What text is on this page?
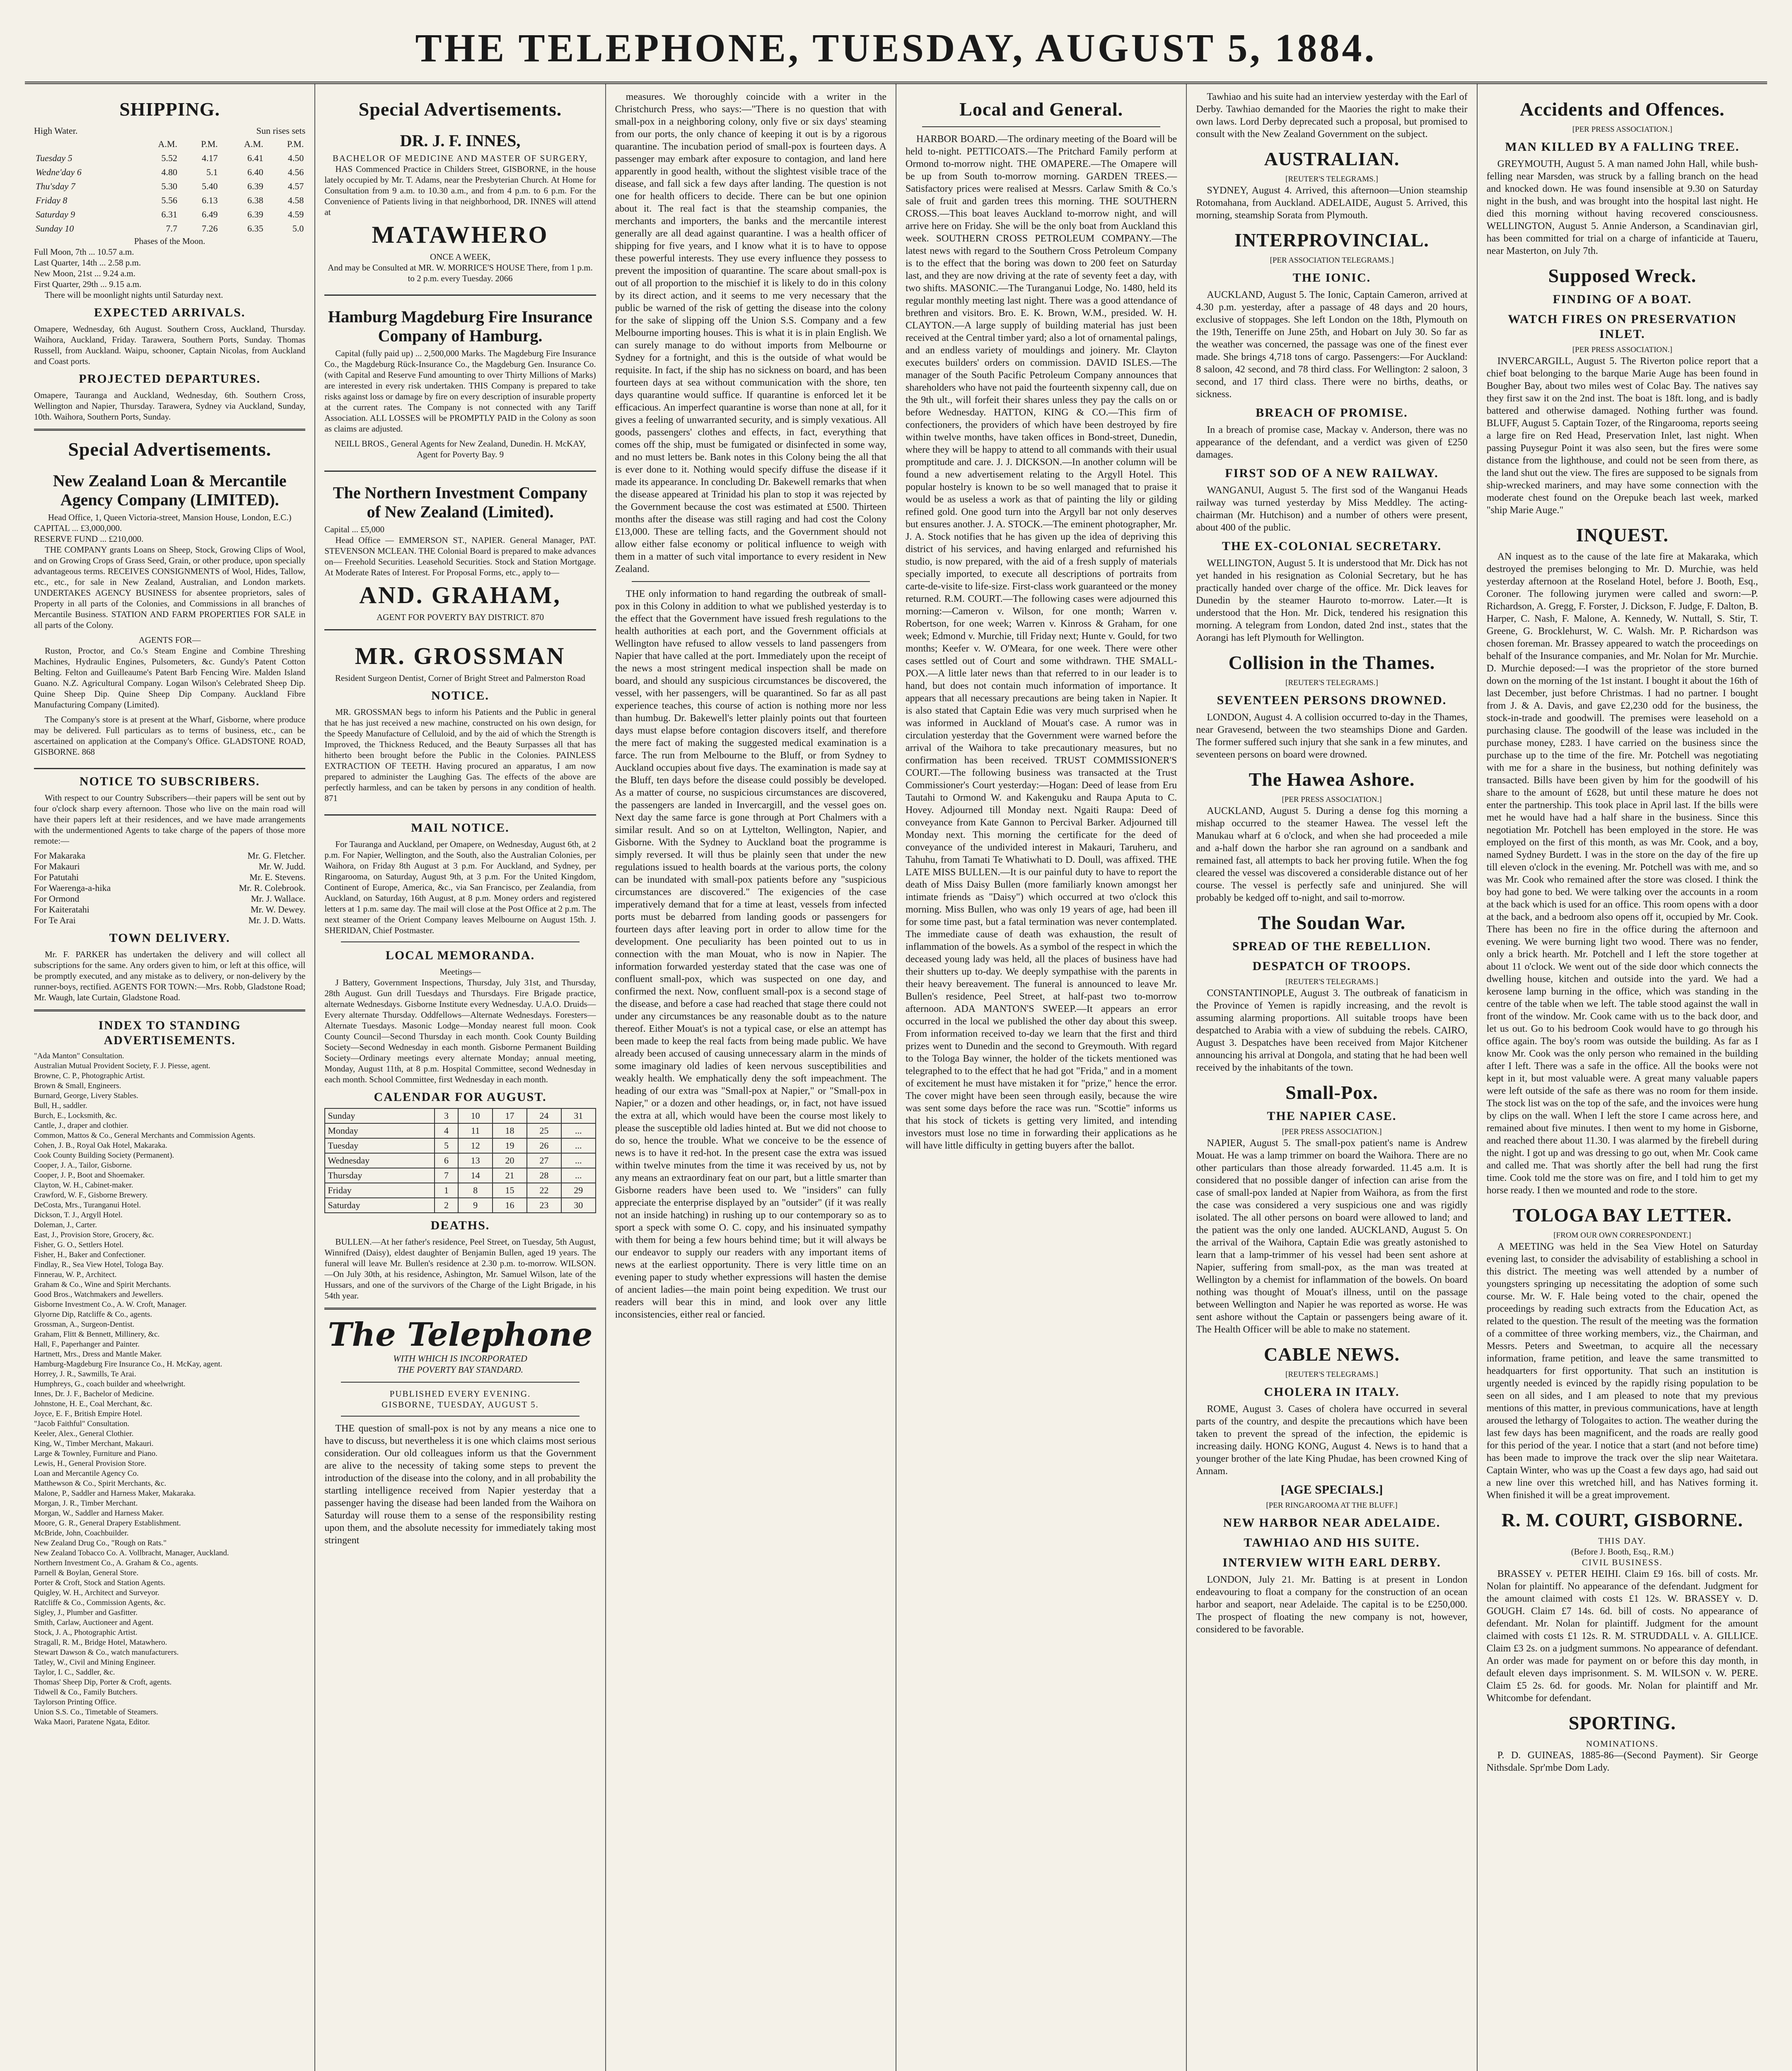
THE TELEPHONE, TUESDAY, AUGUST 5, 1884.
SHIPPING.
High Water.	Sun rises sets
	A.M.	P.M.	A.M.	P.M.
Tuesday 5	5.52	4.17	6.41	4.50
Wedne'day 6	4.80	5.1	6.40	4.56
Thu'sday 7	5.30	5.40	6.39	4.57
Friday 8	5.56	6.13	6.38	4.58
Saturday 9	6.31	6.49	6.39	4.59
Sunday 10	7.7	7.26	6.35	5.0
Phases of the Moon.
Full Moon, 7th ... 10.57 a.m.
Last Quarter, 14th ... 2.58 p.m.
New Moon, 21st ... 9.24 a.m.
First Quarter, 29th ... 9.15 a.m.

There will be moonlight nights until Saturday next.

EXPECTED ARRIVALS.

Omapere, Wednesday, 6th August. Southern Cross, Auckland, Thursday. Waihora, Auckland, Friday. Tarawera, Southern Ports, Sunday. Thomas Russell, from Auckland. Waipu, schooner, Captain Nicolas, from Auckland and Coast ports.

PROJECTED DEPARTURES.

Omapere, Tauranga and Auckland, Wednesday, 6th. Southern Cross, Wellington and Napier, Thursday. Tarawera, Sydney via Auckland, Sunday, 10th. Waihora, Southern Ports, Sunday.

Special Advertisements.
New Zealand Loan & Mercantile Agency Company (LIMITED).
Head Office, 1, Queen Victoria-street, Mansion House, London, E.C.)
CAPITAL ... £3,000,000.
RESERVE FUND ... £210,000.

THE COMPANY grants Loans on Sheep, Stock, Growing Clips of Wool, and on Growing Crops of Grass Seed, Grain, or other produce, upon specially advantageous terms. RECEIVES CONSIGNMENTS of Wool, Hides, Tallow, etc., etc., for sale in New Zealand, Australian, and London markets. UNDERTAKES AGENCY BUSINESS for absentee proprietors, sales of Property in all parts of the Colonies, and Commissions in all branches of Mercantile Business. STATION AND FARM PROPERTIES FOR SALE in all parts of the Colony.

AGENTS FOR—

Ruston, Proctor, and Co.'s Steam Engine and Combine Threshing Machines, Hydraulic Engines, Pulsometers, &c. Gundy's Patent Cotton Belting. Felton and Guilleaume's Patent Barb Fencing Wire. Malden Island Guano. N.Z. Agricultural Company. Logan Wilson's Celebrated Sheep Dip. Quine Sheep Dip. Quine Sheep Dip Company. Auckland Fibre Manufacturing Company (Limited).

The Company's store is at present at the Wharf, Gisborne, where produce may be delivered. Full particulars as to terms of business, etc., can be ascertained on application at the Company's Office. GLADSTONE ROAD, GISBORNE. 868

NOTICE TO SUBSCRIBERS.

With respect to our Country Subscribers—their papers will be sent out by four o'clock sharp every afternoon. Those who live on the main road will have their papers left at their residences, and we have made arrangements with the undermentioned Agents to take charge of the papers of those more remote:—

For Makaraka	Mr. G. Fletcher.
For Makauri	Mr. W. Judd.
For Patutahi	Mr. E. Stevens.
For Waerenga-a-hika	Mr. R. Colebrook.
For Ormond	Mr. J. Wallace.
For Kaiteratahi	Mr. W. Dewey.
For Te Arai	Mr. J. D. Watts.
TOWN DELIVERY.

Mr. F. PARKER has undertaken the delivery and will collect all subscriptions for the same. Any orders given to him, or left at this office, will be promptly executed, and any mistake as to delivery, or non-delivery by the runner-boys, rectified. AGENTS FOR TOWN:—Mrs. Robb, Gladstone Road; Mr. Waugh, late Curtain, Gladstone Road.

INDEX TO STANDING ADVERTISEMENTS.
"Ada Manton" Consultation.
Australian Mutual Provident Society, F. J. Piesse, agent.
Browne, C. P., Photographic Artist.
Brown & Small, Engineers.
Burnard, George, Livery Stables.
Bull, H., saddler.
Burch, E., Locksmith, &c.
Cantle, J., draper and clothier.
Common, Mattos & Co., General Merchants and Commission Agents.
Cohen, J. B., Royal Oak Hotel, Makaraka.
Cook County Building Society (Permanent).
Cooper, J. A., Tailor, Gisborne.
Cooper, J. P., Boot and Shoemaker.
Clayton, W. H., Cabinet-maker.
Crawford, W. F., Gisborne Brewery.
DeCosta, Mrs., Turanganui Hotel.
Dickson, T. J., Argyll Hotel.
Doleman, J., Carter.
East, J., Provision Store, Grocery, &c.
Fisher, G. O., Settlers Hotel.
Fisher, H., Baker and Confectioner.
Findlay, R., Sea View Hotel, Tologa Bay.
Finnerau, W. P., Architect.
Graham & Co., Wine and Spirit Merchants.
Good Bros., Watchmakers and Jewellers.
Gisborne Investment Co., A. W. Croft, Manager.
Glyorne Dip, Ratcliffe & Co., agents.
Grossman, A., Surgeon-Dentist.
Graham, Flitt & Bennett, Millinery, &c.
Hall, F., Paperhanger and Painter.
Hartnett, Mrs., Dress and Mantle Maker.
Hamburg-Magdeburg Fire Insurance Co., H. McKay, agent.
Horrey, J. R., Sawmills, Te Arai.
Humphreys, G., coach builder and wheelwright.
Innes, Dr. J. F., Bachelor of Medicine.
Johnstone, H. E., Coal Merchant, &c.
Joyce, E. F., British Empire Hotel.
"Jacob Faithful" Consultation.
Keeler, Alex., General Clothier.
King, W., Timber Merchant, Makauri.
Large & Townley, Furniture and Piano.
Lewis, H., General Provision Store.
Loan and Mercantile Agency Co.
Matthewson & Co., Spirit Merchants, &c.
Malone, P., Saddler and Harness Maker, Makaraka.
Morgan, J. R., Timber Merchant.
Morgan, W., Saddler and Harness Maker.
Moore, G. R., General Drapery Establishment.
McBride, John, Coachbuilder.
New Zealand Drug Co., "Rough on Rats."
New Zealand Tobacco Co. A. Vollbracht, Manager, Auckland.
Northern Investment Co., A. Graham & Co., agents.
Parnell & Boylan, General Store.
Porter & Croft, Stock and Station Agents.
Quigley, W. H., Architect and Surveyor.
Ratcliffe & Co., Commission Agents, &c.
Sigley, J., Plumber and Gasfitter.
Smith, Carlaw, Auctioneer and Agent.
Stock, J. A., Photographic Artist.
Stragall, R. M., Bridge Hotel, Matawhero.
Stewart Dawson & Co., watch manufacturers.
Tatley, W., Civil and Mining Engineer.
Taylor, I. C., Saddler, &c.
Thomas' Sheep Dip, Porter & Croft, agents.
Tidwell & Co., Family Butchers.
Taylorson Printing Office.
Union S.S. Co., Timetable of Steamers.
Waka Maori, Paratene Ngata, Editor.
Special Advertisements.
DR. J. F. INNES,
BACHELOR OF MEDICINE AND MASTER OF SURGERY,

HAS Commenced Practice in Childers Street, GISBORNE, in the house lately occupied by Mr. T. Adams, near the Presbyterian Church. At Home for Consultation from 9 a.m. to 10.30 a.m., and from 4 p.m. to 6 p.m. For the Convenience of Patients living in that neighborhood, DR. INNES will attend at

MATAWHERO
ONCE A WEEK,

And may be Consulted at MR. W. MORRICE'S HOUSE There, from 1 p.m. to 2 p.m. every Tuesday. 2066

Hamburg Magdeburg Fire Insurance Company of Hamburg.

Capital (fully paid up) ... 2,500,000 Marks. The Magdeburg Fire Insurance Co., the Magdeburg Rück-Insurance Co., the Magdeburg Gen. Insurance Co. (with Capital and Reserve Fund amounting to over Thirty Millions of Marks) are interested in every risk undertaken. THIS Company is prepared to take risks against loss or damage by fire on every description of insurable property at the current rates. The Company is not connected with any Tariff Association. ALL LOSSES will be PROMPTLY PAID in the Colony as soon as claims are adjusted.

NEILL BROS., General Agents for New Zealand, Dunedin. H. McKAY, Agent for Poverty Bay. 9

The Northern Investment Company of New Zealand (Limited).
Capital ... £5,000

Head Office — EMMERSON ST., NAPIER. General Manager, PAT. STEVENSON MCLEAN. THE Colonial Board is prepared to make advances on— Freehold Securities. Leasehold Securities. Stock and Station Mortgage. At Moderate Rates of Interest. For Proposal Forms, etc., apply to—

AND. GRAHAM,
AGENT FOR POVERTY BAY DISTRICT. 870
MR. GROSSMAN
Resident Surgeon Dentist, Corner of Bright Street and Palmerston Road
NOTICE.

MR. GROSSMAN begs to inform his Patients and the Public in general that he has just received a new machine, constructed on his own design, for the Speedy Manufacture of Celluloid, and by the aid of which the Strength is Improved, the Thickness Reduced, and the Beauty Surpasses all that has hitherto been brought before the Public in the Colonies. PAINLESS EXTRACTION OF TEETH. Having procured an apparatus, I am now prepared to administer the Laughing Gas. The effects of the above are perfectly harmless, and can be taken by persons in any condition of health. 871

MAIL NOTICE.

For Tauranga and Auckland, per Omapere, on Wednesday, August 6th, at 2 p.m. For Napier, Wellington, and the South, also the Australian Colonies, per Waihora, on Friday 8th August at 3 p.m. For Auckland, and Sydney, per Ringarooma, on Saturday, August 9th, at 3 p.m. For the United Kingdom, Continent of Europe, America, &c., via San Francisco, per Zealandia, from Auckland, on Saturday, 16th August, at 8 p.m. Money orders and registered letters at 1 p.m. same day. The mail will close at the Post Office at 2 p.m. The next steamer of the Orient Company leaves Melbourne on August 15th. J. SHERIDAN, Chief Postmaster.

LOCAL MEMORANDA.
Meetings—

J Battery, Government Inspections, Thursday, July 31st, and Thursday, 28th August. Gun drill Tuesdays and Thursdays. Fire Brigade practice, alternate Wednesdays. Gisborne Institute every Wednesday. U.A.O. Druids—Every alternate Thursday. Oddfellows—Alternate Wednesdays. Foresters—Alternate Tuesdays. Masonic Lodge—Monday nearest full moon. Cook County Council—Second Thursday in each month. Cook County Building Society—Second Wednesday in each month. Gisborne Permanent Building Society—Ordinary meetings every alternate Monday; annual meeting, Monday, August 11th, at 8 p.m. Hospital Committee, second Wednesday in each month. School Committee, first Wednesday in each month.

CALENDAR FOR AUGUST.
Sunday	3	10	17	24	31
Monday	4	11	18	25	...
Tuesday	5	12	19	26	...
Wednesday	6	13	20	27	...
Thursday	7	14	21	28	...
Friday	1	8	15	22	29
Saturday	2	9	16	23	30
DEATHS.

BULLEN.—At her father's residence, Peel Street, on Tuesday, 5th August, Winnifred (Daisy), eldest daughter of Benjamin Bullen, aged 19 years. The funeral will leave Mr. Bullen's residence at 2.30 p.m. to-morrow. WILSON.—On July 30th, at his residence, Ashington, Mr. Samuel Wilson, late of the Hussars, and one of the survivors of the Charge of the Light Brigade, in his 54th year.

The Telephone
WITH WHICH IS INCORPORATED
THE POVERTY BAY STANDARD.
PUBLISHED EVERY EVENING.
GISBORNE, TUESDAY, AUGUST 5.

THE question of small-pox is not by any means a nice one to have to discuss, but nevertheless it is one which claims most serious consideration. Our old colleagues inform us that the Government are alive to the necessity of taking some steps to prevent the introduction of the disease into the colony, and in all probability the startling intelligence received from Napier yesterday that a passenger having the disease had been landed from the Waihora on Saturday will rouse them to a sense of the responsibility resting upon them, and the absolute necessity for immediately taking most stringent

measures. We thoroughly coincide with a writer in the Christchurch Press, who says:—"There is no question that with small-pox in a neighboring colony, only five or six days' steaming from our ports, the only chance of keeping it out is by a rigorous quarantine. The incubation period of small-pox is fourteen days. A passenger may embark after exposure to contagion, and land here apparently in good health, without the slightest visible trace of the disease, and fall sick a few days after landing. The question is not one for health officers to decide. There can be but one opinion about it. The real fact is that the steamship companies, the merchants and importers, the banks and the mercantile interest generally are all dead against quarantine. I was a health officer of shipping for five years, and I know what it is to have to oppose these powerful interests. They use every influence they possess to prevent the imposition of quarantine. The scare about small-pox is out of all proportion to the mischief it is likely to do in this colony by its direct action, and it seems to me very necessary that the public be warned of the risk of getting the disease into the colony for the sake of slipping off the Union S.S. Company and a few Melbourne importing houses. This is what it is in plain English. We can surely manage to do without imports from Melbourne or Sydney for a fortnight, and this is the outside of what would be requisite. In fact, if the ship has no sickness on board, and has been fourteen days at sea without communication with the shore, ten days quarantine would suffice. If quarantine is enforced let it be efficacious. An imperfect quarantine is worse than none at all, for it gives a feeling of unwarranted security, and is simply vexatious. All goods, passengers' clothes and effects, in fact, everything that comes off the ship, must be fumigated or disinfected in some way, and no must letters be. Bank notes in this Colony being the all that is ever done to it. Nothing would specify diffuse the disease if it made its appearance. In concluding Dr. Bakewell remarks that when the disease appeared at Trinidad his plan to stop it was rejected by the Government because the cost was estimated at £500. Thirteen months after the disease was still raging and had cost the Colony £13,000. These are telling facts, and the Government should not allow either false economy or political influence to weigh with them in a matter of such vital importance to every resident in New Zealand.

THE only information to hand regarding the outbreak of small-pox in this Colony in addition to what we published yesterday is to the effect that the Government have issued fresh regulations to the health authorities at each port, and the Government officials at Wellington have refused to allow vessels to land passengers from Napier that have called at the port. Immediately upon the receipt of the news a most stringent medical inspection shall be made on board, and should any suspicious circumstances be discovered, the vessel, with her passengers, will be quarantined. So far as all past experience teaches, this course of action is nothing more nor less than humbug. Dr. Bakewell's letter plainly points out that fourteen days must elapse before contagion discovers itself, and therefore the mere fact of making the suggested medical examination is a farce. The run from Melbourne to the Bluff, or from Sydney to Auckland occupies about five days. The examination is made say at the Bluff, ten days before the disease could possibly be developed. As a matter of course, no suspicious circumstances are discovered, the passengers are landed in Invercargill, and the vessel goes on. Next day the same farce is gone through at Port Chalmers with a similar result. And so on at Lyttelton, Wellington, Napier, and Gisborne. With the Sydney to Auckland boat the programme is simply reversed. It will thus be plainly seen that under the new regulations issued to health boards at the various ports, the colony can be inundated with small-pox patients before any "suspicious circumstances are discovered." The exigencies of the case imperatively demand that for a time at least, vessels from infected ports must be debarred from landing goods or passengers for fourteen days after leaving port in order to allow time for the development. One peculiarity has been pointed out to us in connection with the man Mouat, who is now in Napier. The information forwarded yesterday stated that the case was one of confluent small-pox, which was suspected on one day, and confirmed the next. Now, confluent small-pox is a second stage of the disease, and before a case had reached that stage there could not under any circumstances be any reasonable doubt as to the nature thereof. Either Mouat's is not a typical case, or else an attempt has been made to keep the real facts from being made public. We have already been accused of causing unnecessary alarm in the minds of some imaginary old ladies of keen nervous susceptibilities and weakly health. We emphatically deny the soft impeachment. The heading of our extra was "Small-pox at Napier," or "Small-pox in Napier," or a dozen and other headings, or, in fact, not have issued the extra at all, which would have been the course most likely to please the susceptible old ladies hinted at. But we did not choose to do so, hence the trouble. What we conceive to be the essence of news is to have it red-hot. In the present case the extra was issued within twelve minutes from the time it was received by us, not by any means an extraordinary feat on our part, but a little smarter than Gisborne readers have been used to. We "insiders" can fully appreciate the enterprise displayed by an "outsider" (if it was really not an inside hatching) in rushing up to our contemporary so as to sport a speck with some O. C. copy, and his insinuated sympathy with them for being a few hours behind time; but it will always be our endeavor to supply our readers with any important items of news at the earliest opportunity. There is very little time on an evening paper to study whether expressions will hasten the demise of ancient ladies—the main point being expedition. We trust our readers will bear this in mind, and look over any little inconsistencies, either real or fancied.

Local and General.

HARBOR BOARD.—The ordinary meeting of the Board will be held to-night. PETTICOATS.—The Pritchard Family perform at Ormond to-morrow night. THE OMAPERE.—The Omapere will be up from South to-morrow morning. GARDEN TREES.—Satisfactory prices were realised at Messrs. Carlaw Smith & Co.'s sale of fruit and garden trees this morning. THE SOUTHERN CROSS.—This boat leaves Auckland to-morrow night, and will arrive here on Friday. She will be the only boat from Auckland this week. SOUTHERN CROSS PETROLEUM COMPANY.—The latest news with regard to the Southern Cross Petroleum Company is to the effect that the boring was down to 200 feet on Saturday last, and they are now driving at the rate of seventy feet a day, with two shifts. MASONIC.—The Turanganui Lodge, No. 1480, held its regular monthly meeting last night. There was a good attendance of brethren and visitors. Bro. E. K. Brown, W.M., presided. W. H. CLAYTON.—A large supply of building material has just been received at the Central timber yard; also a lot of ornamental palings, and an endless variety of mouldings and joinery. Mr. Clayton executes builders' orders on commission. DAVID ISLES.—The manager of the South Pacific Petroleum Company announces that shareholders who have not paid the fourteenth sixpenny call, due on the 9th ult., will forfeit their shares unless they pay the calls on or before Wednesday. HATTON, KING & CO.—This firm of confectioners, the providers of which have been destroyed by fire within twelve months, have taken offices in Bond-street, Dunedin, where they will be happy to attend to all commands with their usual promptitude and care. J. J. DICKSON.—In another column will be found a new advertisement relating to the Argyll Hotel. This popular hostelry is known to be so well managed that to praise it would be as useless a work as that of painting the lily or gilding refined gold. One good turn into the Argyll bar not only deserves but ensures another. J. A. STOCK.—The eminent photographer, Mr. J. A. Stock notifies that he has given up the idea of depriving this district of his services, and having enlarged and refurnished his studio, is now prepared, with the aid of a fresh supply of materials specially imported, to execute all descriptions of portraits from carte-de-visite to life-size. First-class work guaranteed or the money returned. R.M. COURT.—The following cases were adjourned this morning:—Cameron v. Wilson, for one month; Warren v. Robertson, for one week; Warren v. Kinross & Graham, for one week; Edmond v. Murchie, till Friday next; Hunte v. Gould, for two months; Keefer v. W. O'Meara, for one week. There were other cases settled out of Court and some withdrawn. THE SMALL-POX.—A little later news than that referred to in our leader is to hand, but does not contain much information of importance. It appears that all necessary precautions are being taken in Napier. It is also stated that Captain Edie was very much surprised when he was informed in Auckland of Mouat's case. A rumor was in circulation yesterday that the Government were warned before the arrival of the Waihora to take precautionary measures, but no confirmation has been received. TRUST COMMISSIONER'S COURT.—The following business was transacted at the Trust Commissioner's Court yesterday:—Hogan: Deed of lease from Eru Tautahi to Ormond W. and Kakenguku and Raupa Aputa to C. Hovey. Adjourned till Monday next. Ngaiti Raupa: Deed of conveyance from Kate Gannon to Percival Barker. Adjourned till Monday next. This morning the certificate for the deed of conveyance of the undivided interest in Makauri, Taruheru, and Tahuhu, from Tamati Te Whatiwhati to D. Doull, was affixed. THE LATE MISS BULLEN.—It is our painful duty to have to report the death of Miss Daisy Bullen (more familiarly known amongst her intimate friends as "Daisy") which occurred at two o'clock this morning. Miss Bullen, who was only 19 years of age, had been ill for some time past, but a fatal termination was never contemplated. The immediate cause of death was exhaustion, the result of inflammation of the bowels. As a symbol of the respect in which the deceased young lady was held, all the places of business have had their shutters up to-day. We deeply sympathise with the parents in their heavy bereavement. The funeral is announced to leave Mr. Bullen's residence, Peel Street, at half-past two to-morrow afternoon. ADA MANTON'S SWEEP.—It appears an error occurred in the local we published the other day about this sweep. From information received to-day we learn that the first and third prizes went to Dunedin and the second to Greymouth. With regard to the Tologa Bay winner, the holder of the tickets mentioned was telegraphed to to the effect that he had got "Frida," and in a moment of excitement he must have mistaken it for "prize," hence the error. The cover might have been seen through easily, because the wire was sent some days before the race was run. "Scottie" informs us that his stock of tickets is getting very limited, and intending investors must lose no time in forwarding their applications as he will have little difficulty in getting buyers after the ballot.

Tawhiao and his suite had an interview yesterday with the Earl of Derby. Tawhiao demanded for the Maories the right to make their own laws. Lord Derby deprecated such a proposal, but promised to consult with the New Zealand Government on the subject.

AUSTRALIAN.
[REUTER'S TELEGRAMS.]

SYDNEY, August 4. Arrived, this afternoon—Union steamship Rotomahana, from Auckland. ADELAIDE, August 5. Arrived, this morning, steamship Sorata from Plymouth.

INTERPROVINCIAL.
[PER ASSOCIATION TELEGRAMS.]
THE IONIC.

AUCKLAND, August 5. The Ionic, Captain Cameron, arrived at 4.30 p.m. yesterday, after a passage of 48 days and 20 hours, exclusive of stoppages. She left London on the 18th, Plymouth on the 19th, Teneriffe on June 25th, and Hobart on July 30. So far as the weather was concerned, the passage was one of the finest ever made. She brings 4,718 tons of cargo. Passengers:—For Auckland: 8 saloon, 42 second, and 78 third class. For Wellington: 2 saloon, 3 second, and 17 third class. There were no births, deaths, or sickness.

BREACH OF PROMISE.

In a breach of promise case, Mackay v. Anderson, there was no appearance of the defendant, and a verdict was given of £250 damages.

FIRST SOD OF A NEW RAILWAY.

WANGANUI, August 5. The first sod of the Wanganui Heads railway was turned yesterday by Miss Meddley. The acting-chairman (Mr. Hutchison) and a number of others were present, about 400 of the public.

THE EX-COLONIAL SECRETARY.

WELLINGTON, August 5. It is understood that Mr. Dick has not yet handed in his resignation as Colonial Secretary, but he has practically handed over charge of the office. Mr. Dick leaves for Dunedin by the steamer Hauroto to-morrow. Later.—It is understood that the Hon. Mr. Dick, tendered his resignation this morning. A telegram from London, dated 2nd inst., states that the Aorangi has left Plymouth for Wellington.

Collision in the Thames.
[REUTER'S TELEGRAMS.]
SEVENTEEN PERSONS DROWNED.

LONDON, August 4. A collision occurred to-day in the Thames, near Gravesend, between the two steamships Dione and Garden. The former suffered such injury that she sank in a few minutes, and seventeen persons on board were drowned.

The Hawea Ashore.
[PER PRESS ASSOCIATION.]

AUCKLAND, August 5. During a dense fog this morning a mishap occurred to the steamer Hawea. The vessel left the Manukau wharf at 6 o'clock, and when she had proceeded a mile and a-half down the harbor she ran aground on a sandbank and remained fast, all attempts to back her proving futile. When the fog cleared the vessel was discovered a considerable distance out of her course. The vessel is perfectly safe and uninjured. She will probably be kedged off to-night, and sail to-morrow.

The Soudan War.
SPREAD OF THE REBELLION.
DESPATCH OF TROOPS.
[REUTER'S TELEGRAMS.]

CONSTANTINOPLE, August 3. The outbreak of fanaticism in the Province of Yemen is rapidly increasing, and the revolt is assuming alarming proportions. All suitable troops have been despatched to Arabia with a view of subduing the rebels. CAIRO, August 3. Despatches have been received from Major Kitchener announcing his arrival at Dongola, and stating that he had been well received by the inhabitants of the town.

Small-Pox.
THE NAPIER CASE.
[PER PRESS ASSOCIATION.]

NAPIER, August 5. The small-pox patient's name is Andrew Mouat. He was a lamp trimmer on board the Waihora. There are no other particulars than those already forwarded. 11.45 a.m. It is considered that no possible danger of infection can arise from the case of small-pox landed at Napier from Waihora, as from the first the case was considered a very suspicious one and was rigidly isolated. The all other persons on board were allowed to land; and the patient was the only one landed. AUCKLAND, August 5. On the arrival of the Waihora, Captain Edie was greatly astonished to learn that a lamp-trimmer of his vessel had been sent ashore at Napier, suffering from small-pox, as the man was treated at Wellington by a chemist for inflammation of the bowels. On board nothing was thought of Mouat's illness, until on the passage between Wellington and Napier he was reported as worse. He was sent ashore without the Captain or passengers being aware of it. The Health Officer will be able to make no statement.

CABLE NEWS.
[REUTER'S TELEGRAMS.]
CHOLERA IN ITALY.

ROME, August 3. Cases of cholera have occurred in several parts of the country, and despite the precautions which have been taken to prevent the spread of the infection, the epidemic is increasing daily. HONG KONG, August 4. News is to hand that a younger brother of the late King Phudae, has been crowned King of Annam.

[AGE SPECIALS.]
[PER RINGAROOMA AT THE BLUFF.]
NEW HARBOR NEAR ADELAIDE.
TAWHIAO AND HIS SUITE.
INTERVIEW WITH EARL DERBY.

LONDON, July 21. Mr. Batting is at present in London endeavouring to float a company for the construction of an ocean harbor and seaport, near Adelaide. The capital is to be £250,000. The prospect of floating the new company is not, however, considered to be favorable.

Accidents and Offences.
[PER PRESS ASSOCIATION.]
MAN KILLED BY A FALLING TREE.

GREYMOUTH, August 5. A man named John Hall, while bush-felling near Marsden, was struck by a falling branch on the head and knocked down. He was found insensible at 9.30 on Saturday night in the bush, and was brought into the hospital last night. He died this morning without having recovered consciousness. WELLINGTON, August 5. Annie Anderson, a Scandinavian girl, has been committed for trial on a charge of infanticide at Taueru, near Masterton, on July 7th.

Supposed Wreck.
FINDING OF A BOAT.
WATCH FIRES ON PRESERVATION INLET.
[PER PRESS ASSOCIATION.]

INVERCARGILL, August 5. The Riverton police report that a chief boat belonging to the barque Marie Auge has been found in Bougher Bay, about two miles west of Colac Bay. The natives say they first saw it on the 2nd inst. The boat is 18ft. long, and is badly battered and otherwise damaged. Nothing further was found. BLUFF, August 5. Captain Tozer, of the Ringarooma, reports seeing a large fire on Red Head, Preservation Inlet, last night. When passing Puysegur Point it was also seen, but the fires were some distance from the lighthouse, and could not be seen from there, as the land shut out the view. The fires are supposed to be signals from ship-wrecked mariners, and may have some connection with the moderate chest found on the Orepuke beach last week, marked "ship Marie Auge."

INQUEST.

AN inquest as to the cause of the late fire at Makaraka, which destroyed the premises belonging to Mr. D. Murchie, was held yesterday afternoon at the Roseland Hotel, before J. Booth, Esq., Coroner. The following jurymen were called and sworn:—P. Richardson, A. Gregg, F. Forster, J. Dickson, F. Judge, F. Dalton, B. Harper, C. Nash, F. Malone, A. Kennedy, W. Nuttall, S. Stir, T. Greene, G. Brocklehurst, W. C. Walsh. Mr. P. Richardson was chosen foreman. Mr. Brassey appeared to watch the proceedings on behalf of the Insurance companies, and Mr. Nolan for Mr. Murchie. D. Murchie deposed:—I was the proprietor of the store burned down on the morning of the 1st instant. I bought it about the 16th of last December, just before Christmas. I had no partner. I bought from J. & A. Davis, and gave £2,230 odd for the business, the stock-in-trade and goodwill. The premises were leasehold on a purchasing clause. The goodwill of the lease was included in the purchase money, £283. I have carried on the business since the purchase up to the time of the fire. Mr. Potchell was negotiating with me for a share in the business, but nothing definitely was transacted. Bills have been given by him for the goodwill of his share to the amount of £628, but until these mature he does not enter the partnership. This took place in April last. If the bills were met he would have had a half share in the business. Since this negotiation Mr. Potchell has been employed in the store. He was employed on the first of this month, as was Mr. Cook, and a boy, named Sydney Burdett. I was in the store on the day of the fire up till eleven o'clock in the evening. Mr. Potchell was with me, and so was Mr. Cook who remained after the store was closed. I think the boy had gone to bed. We were talking over the accounts in a room at the back which is used for an office. This room opens with a door at the back, and a bedroom also opens off it, occupied by Mr. Cook. There has been no fire in the office during the afternoon and evening. We were burning light two wood. There was no fender, only a brick hearth. Mr. Potchell and I left the store together at about 11 o'clock. We went out of the side door which connects the dwelling house, kitchen and outside into the yard. We had a kerosene lamp burning in the office, which was standing in the centre of the table when we left. The table stood against the wall in front of the window. Mr. Cook came with us to the back door, and let us out. Go to his bedroom Cook would have to go through his office again. The boy's room was outside the building. As far as I know Mr. Cook was the only person who remained in the building after I left. There was a safe in the office. All the books were not kept in it, but most valuable were. A great many valuable papers were left outside of the safe as there was no room for them inside. The stock list was on the top of the safe, and the invoices were hung by clips on the wall. When I left the store I came across here, and remained about five minutes. I then went to my home in Gisborne, and reached there about 11.30. I was alarmed by the firebell during the night. I got up and was dressing to go out, when Mr. Cook came and called me. That was shortly after the bell had rung the first time. Cook told me the store was on fire, and I told him to get my horse ready. I then we mounted and rode to the store.

TOLOGA BAY LETTER.
[FROM OUR OWN CORRESPONDENT.]

A MEETING was held in the Sea View Hotel on Saturday evening last, to consider the advisability of establishing a school in this district. The meeting was well attended by a number of youngsters springing up necessitating the adoption of some such course. Mr. W. F. Hale being voted to the chair, opened the proceedings by reading such extracts from the Education Act, as related to the question. The result of the meeting was the formation of a committee of three working members, viz., the Chairman, and Messrs. Peters and Sweetman, to acquire all the necessary information, frame petition, and leave the same transmitted to headquarters for first opportunity. That such an institution is urgently needed is evinced by the rapidly rising population to be seen on all sides, and I am pleased to note that my previous mentions of this matter, in previous communications, have at length aroused the lethargy of Tologaites to action. The weather during the last few days has been magnificent, and the roads are really good for this period of the year. I notice that a start (and not before time) has been made to improve the track over the slip near Waitetara. Captain Winter, who was up the Coast a few days ago, had said out a new line over this wretched hill, and has Natives forming it. When finished it will be a great improvement.

R. M. COURT, GISBORNE.
THIS DAY.
(Before J. Booth, Esq., R.M.)
CIVIL BUSINESS.

BRASSEY v. PETER HEIHI. Claim £9 16s. bill of costs. Mr. Nolan for plaintiff. No appearance of the defendant. Judgment for the amount claimed with costs £1 12s. W. BRASSEY v. D. GOUGH. Claim £7 14s. 6d. bill of costs. No appearance of defendant. Mr. Nolan for plaintiff. Judgment for the amount claimed with costs £1 12s. R. M. STRUDDALL v. A. GILLICE. Claim £3 2s. on a judgment summons. No appearance of defendant. An order was made for payment on or before this day month, in default eleven days imprisonment. S. M. WILSON v. W. PERE. Claim £5 2s. 6d. for goods. Mr. Nolan for plaintiff and Mr. Whitcombe for defendant.

SPORTING.
NOMINATIONS.

P. D. GUINEAS, 1885-86—(Second Payment). Sir George Nithsdale. Spr'mbe Dom Lady.
